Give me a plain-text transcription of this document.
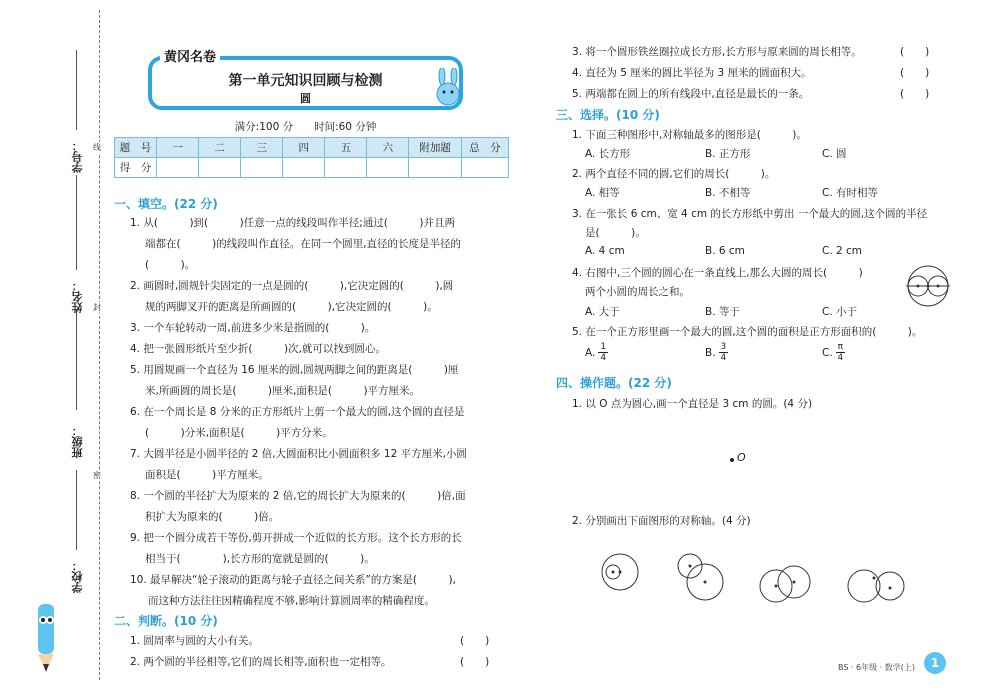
学校：
班级：
姓名：
学号： 线
封
密
黄冈名卷
第一单元知识回顾与检测
圆
满分:100 分　　时间:60 分钟
题　号	一	二	三	四	五	六	附加题	总　分
得　分								
一、填空。(22 分)
1. 从(　　　)到(　　　)任意一点的线段叫作半径;通过(　　　)并且两
端都在(　　　)的线段叫作直径。在同一个圆里,直径的长度是半径的
(　　　)。
2. 画圆时,圆规针尖固定的一点是圆的(　　　),它决定圆的(　　　),圆
规的两脚叉开的距离是所画圆的(　　　),它决定圆的(　　　)。
3. 一个车轮转动一周,前进多少米是指圆的(　　　)。
4. 把一张圆形纸片至少折(　　　)次,就可以找到圆心。
5. 用圆规画一个直径为 16 厘米的圆,圆规两脚之间的距离是(　　　)厘
米,所画圆的周长是(　　　)厘米,面积是(　　　)平方厘米。
6. 在一个周长是 8 分米的正方形纸片上剪一个最大的圆,这个圆的直径是
(　　　)分米,面积是(　　　)平方分米。
7. 大圆半径是小圆半径的 2 倍,大圆面积比小圆面积多 12 平方厘米,小圆
面积是(　　　)平方厘米。
8. 一个圆的半径扩大为原来的 2 倍,它的周长扩大为原来的(　　　)倍,面
积扩大为原来的(　　　)倍。
9. 把一个圆分成若干等份,剪开拼成一个近似的长方形。这个长方形的长
相当于(　　　　),长方形的宽就是圆的(　　　)。
10. 最早解决“轮子滚动的距离与轮子直径之间关系”的方案是(　　　),
而这种方法往往因精确程度不够,影响计算圆周率的精确程度。
二、判断。(10 分)
1. 圆周率与圆的大小有关。	(　　)
2. 两个圆的半径相等,它们的周长相等,面积也一定相等。	(　　)
3. 将一个圆形铁丝圈拉成长方形,长方形与原来圆的周长相等。	(　　)
4. 直径为 5 厘米的圆比半径为 3 厘米的圆面积大。	(　　)
5. 两端都在圆上的所有线段中,直径是最长的一条。	(　　)
三、选择。(10 分)
1. 下面三种图形中,对称轴最多的图形是(　　　)。
A. 长方形	B. 正方形	C. 圆
2. 两个直径不同的圆,它们的周长(　　　)。
A. 相等	B. 不相等	C. 有时相等
3. 在一张长 6 cm、宽 4 cm 的长方形纸中剪出 一个最大的圆,这个圆的半径
是(　　　)。
A. 4 cm	B. 6 cm	C. 2 cm
4. 右图中,三个圆的圆心在一条直线上,那么大圆的周长(　　　)
两个小圆的周长之和。
A. 大于	B. 等于	C. 小于
5. 在一个正方形里画一个最大的圆,这个圆的面积是正方形面积的(　　　)。
A. $\frac{1}{4}$	B. $\frac{3}{4}$	C. $\frac{\pi}{4}$
四、操作题。(22 分)
1. 以 O 点为圆心,画一个直径是 3 cm 的圆。(4 分)
O
2. 分别画出下面图形的对称轴。(4 分)
BS · 6年级 · 数学(上)	1
